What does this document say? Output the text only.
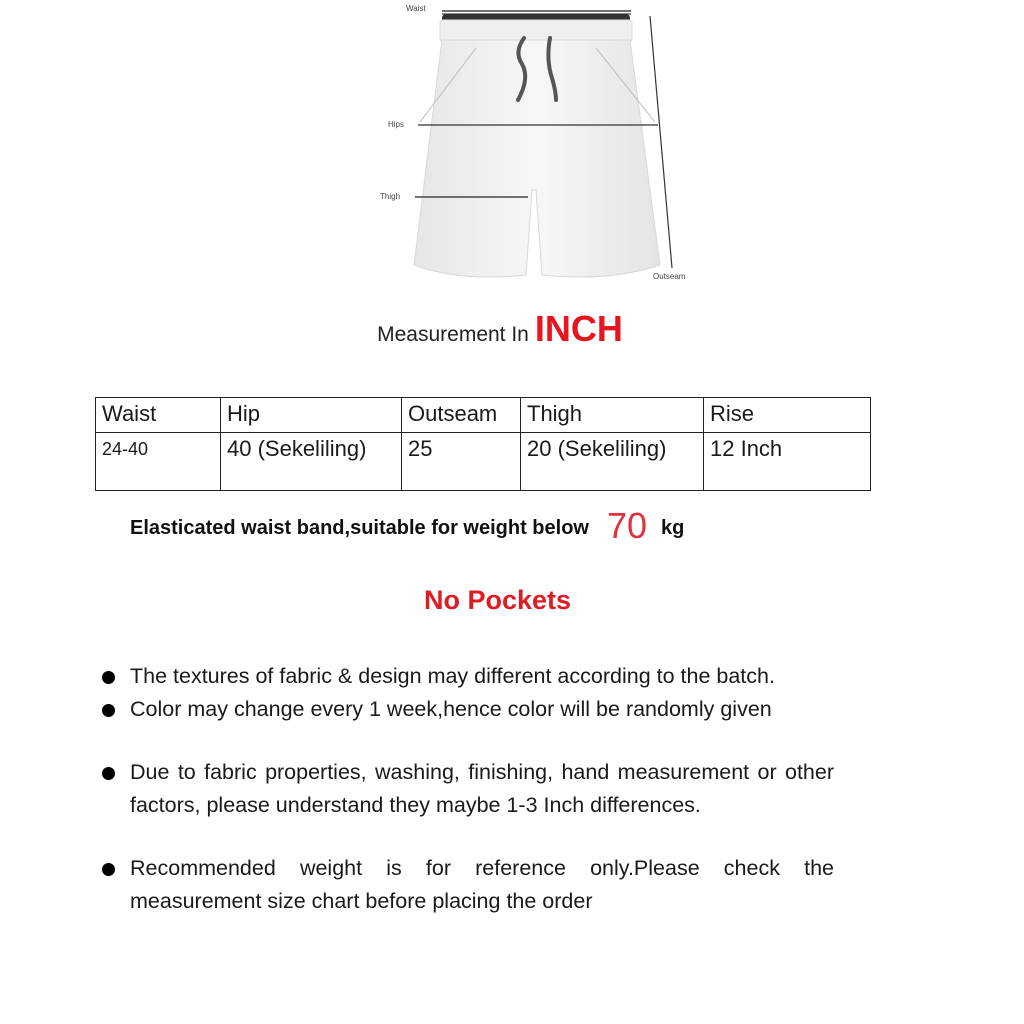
Waist
Hips
Thigh
Outseam
Measurement In INCH
Waist	Hip	Outseam	Thigh	Rise
24-40	40 (Sekeliling)	25	20 (Sekeliling)	12 Inch
Elasticated waist band,suitable for weight below 70 kg
No Pockets
The textures of fabric & design may different according to the batch.
Color may change every 1 week,hence color will be randomly given
Due to fabric properties, washing, finishing, hand measurement or other factors, please understand they maybe 1-3 Inch differences.
Recommended weight is for reference only.Please check the measurement size chart before placing the order
